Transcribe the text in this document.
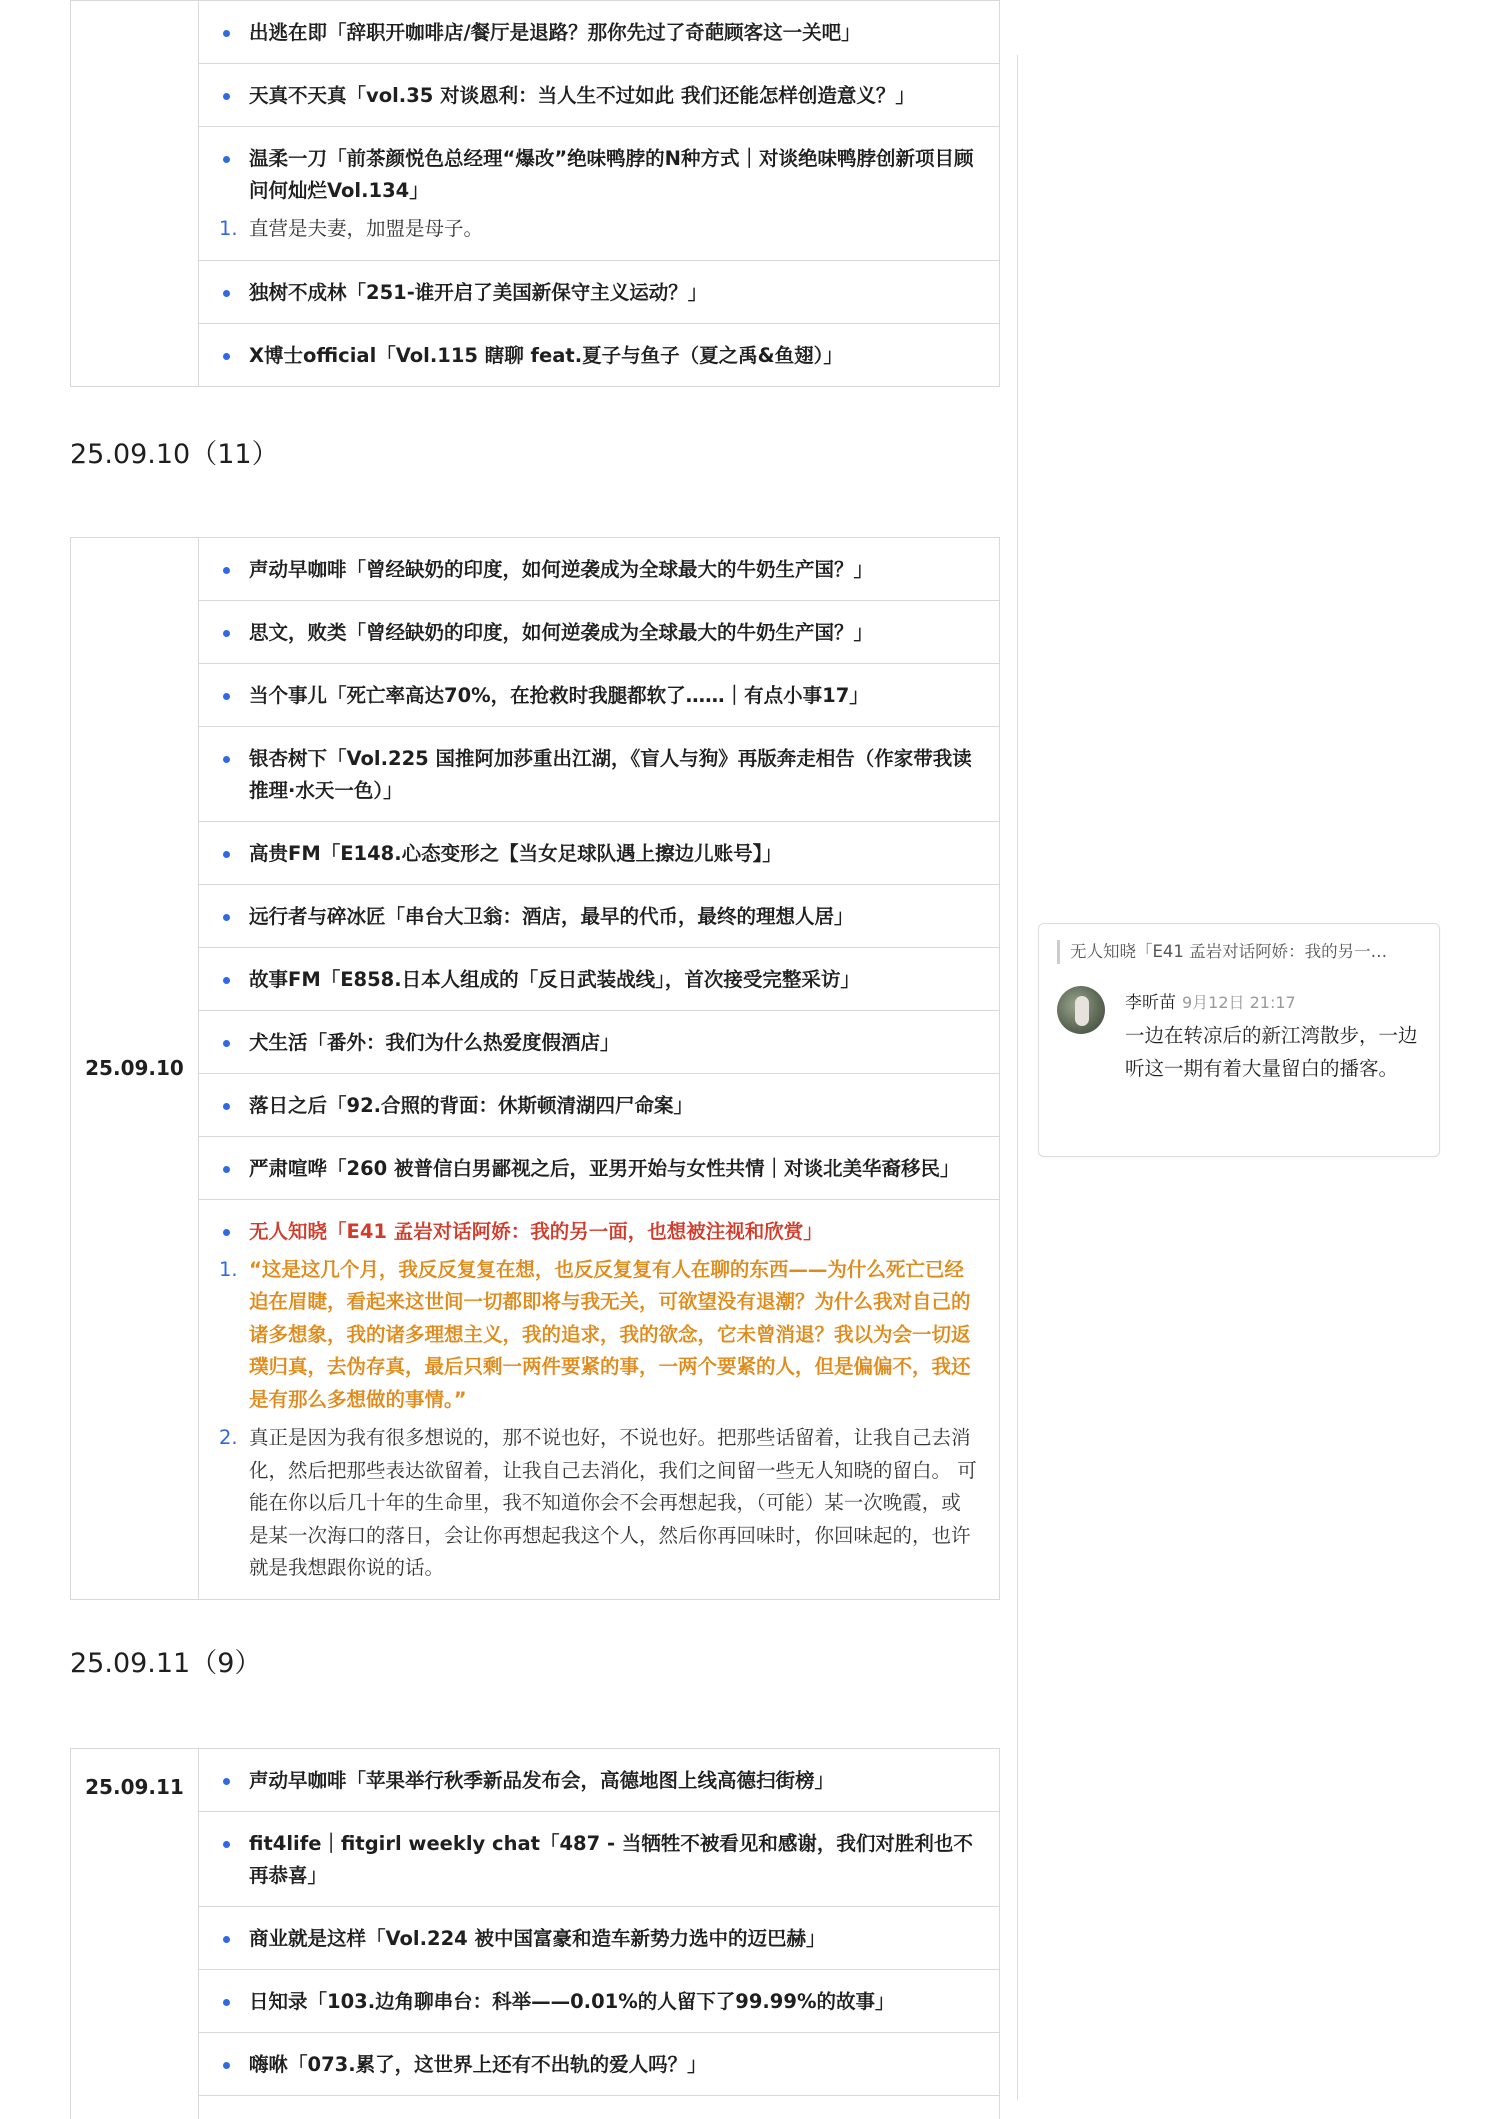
出逃在即「辞职开咖啡店/餐厅是退路？那你先过了奇葩顾客这一关吧」

天真不天真「vol.35 对谈恩利：当人生不过如此 我们还能怎样创造意义？」

温柔一刀「前茶颜悦色总经理“爆改”绝味鸭脖的N种方式｜对谈绝味鸭脖创新项目顾问何灿烂Vol.134」
1. 直营是夫妻，加盟是母子。

独树不成林「251-谁开启了美国新保守主义运动？」

X博士official「Vol.115 瞎聊 feat.夏子与鱼子（夏之禹&鱼翅）」
25.09.10（11）
25.09.10	
声动早咖啡「曾经缺奶的印度，如何逆袭成为全球最大的牛奶生产国？」

思文，败类「曾经缺奶的印度，如何逆袭成为全球最大的牛奶生产国？」

当个事儿「死亡率高达70%，在抢救时我腿都软了……｜有点小事17」

银杏树下「Vol.225 国推阿加莎重出江湖，《盲人与狗》再版奔走相告（作家带我读推理·水天一色）」

高贵FM「E148.心态变形之【当女足球队遇上擦边儿账号】」

远行者与碎冰匠「串台大卫翁：酒店，最早的代币，最终的理想人居」

故事FM「E858.日本人组成的「反日武装战线」，首次接受完整采访」

犬生活「番外：我们为什么热爱度假酒店」

落日之后「92.合照的背面：休斯顿清湖四尸命案」

严肃喧哗「260 被普信白男鄙视之后，亚男开始与女性共情｜对谈北美华裔移民」

无人知晓「E41 孟岩对话阿娇：我的另一面，也想被注视和欣赏」
1. “这是这几个月，我反反复复在想，也反反复复有人在聊的东西——为什么死亡已经迫在眉睫，看起来这世间一切都即将与我无关，可欲望没有退潮？为什么我对自己的诸多想象，我的诸多理想主义，我的追求，我的欲念，它未曾消退？我以为会一切返璞归真，去伪存真，最后只剩一两件要紧的事，一两个要紧的人，但是偏偏不，我还是有那么多想做的事情。”
2. 真正是因为我有很多想说的，那不说也好，不说也好。把那些话留着，让我自己去消化，然后把那些表达欲留着，让我自己去消化，我们之间留一些无人知晓的留白。 可能在你以后几十年的生命里，我不知道你会不会再想起我，（可能）某一次晚霞，或是某一次海口的落日，会让你再想起我这个人，然后你再回味时，你回味起的，也许就是我想跟你说的话。
25.09.11（9）
25.09.11	声动早咖啡「苹果举行秋季新品发布会，高德地图上线高德扫街榜」

fit4life｜fitgirl weekly chat「487 - 当牺牲不被看见和感谢，我们对胜利也不再恭喜」

商业就是这样「Vol.224 被中国富豪和造车新势力选中的迈巴赫」

日知录「103.边角聊串台：科举——0.01%的人留下了99.99%的故事」

嗨咻「073.累了，这世界上还有不出轨的爱人吗？」

无人知晓「E41 孟岩对话阿娇：我的另一…
李昕苗 9月12日 21:17
一边在转凉后的新江湾散步，一边听这一期有着大量留白的播客。
